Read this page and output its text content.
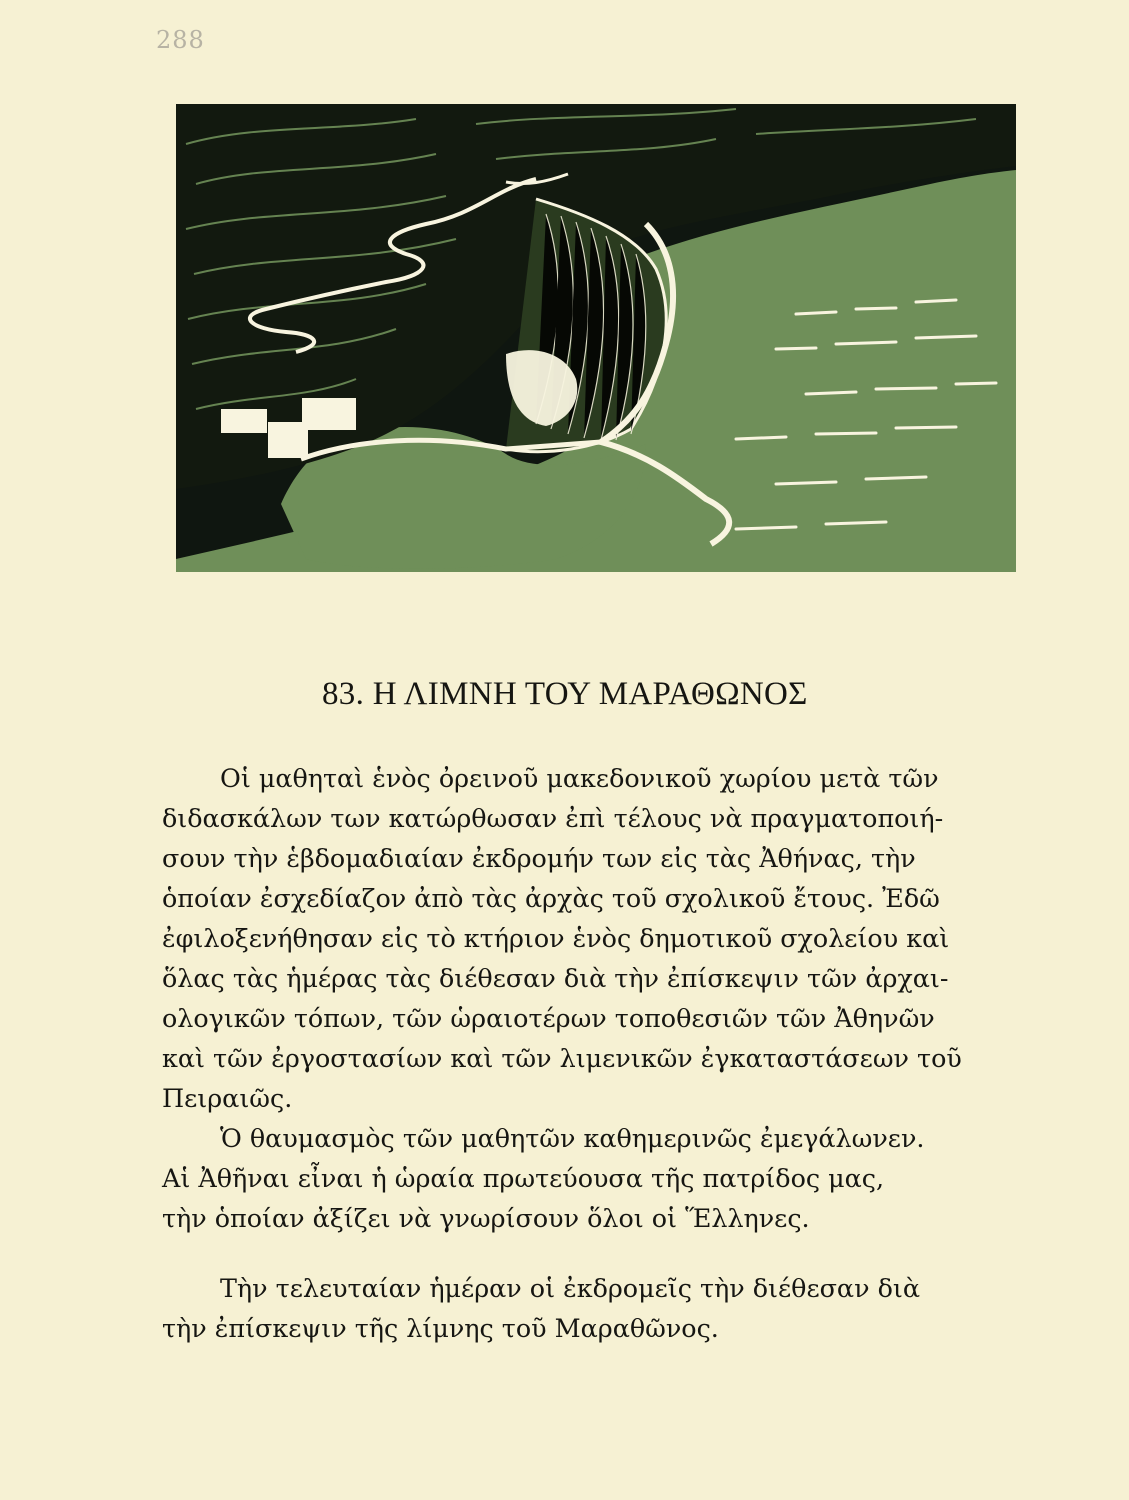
288
83. Η ΛΙΜΝΗ ΤΟΥ ΜΑΡΑΘΩΝΟΣ
Οἱ μαθηταὶ ἑνὸς ὀρεινοῦ μακεδονικοῦ χωρίου μετὰ τῶν
διδασκάλων των κατώρθωσαν ἐπὶ τέλους νὰ πραγματοποιή-
σουν τὴν ἑβδομαδιαίαν ἐκδρομήν των εἰς τὰς Ἀθήνας, τὴν
ὁποίαν ἐσχεδίαζον ἀπὸ τὰς ἀρχὰς τοῦ σχολικοῦ ἔτους. Ἐδῶ
ἐφιλοξενήθησαν εἰς τὸ κτήριον ἑνὸς δημοτικοῦ σχολείου καὶ
ὅλας τὰς ἡμέρας τὰς διέθεσαν διὰ τὴν ἐπίσκεψιν τῶν ἀρχαι-
ολογικῶν τόπων, τῶν ὡραιοτέρων τοποθεσιῶν τῶν Ἀθηνῶν
καὶ τῶν ἐργοστασίων καὶ τῶν λιμενικῶν ἐγκαταστάσεων τοῦ
Πειραιῶς.
Ὁ θαυμασμὸς τῶν μαθητῶν καθημερινῶς ἐμεγάλωνεν.
Αἱ Ἀθῆναι εἶναι ἡ ὡραία πρωτεύουσα τῆς πατρίδος μας,
τὴν ὁποίαν ἀξίζει νὰ γνωρίσουν ὅλοι οἱ Ἕλληνες.
Τὴν τελευταίαν ἡμέραν οἱ ἐκδρομεῖς τὴν διέθεσαν διὰ
τὴν ἐπίσκεψιν τῆς λίμνης τοῦ Μαραθῶνος.
